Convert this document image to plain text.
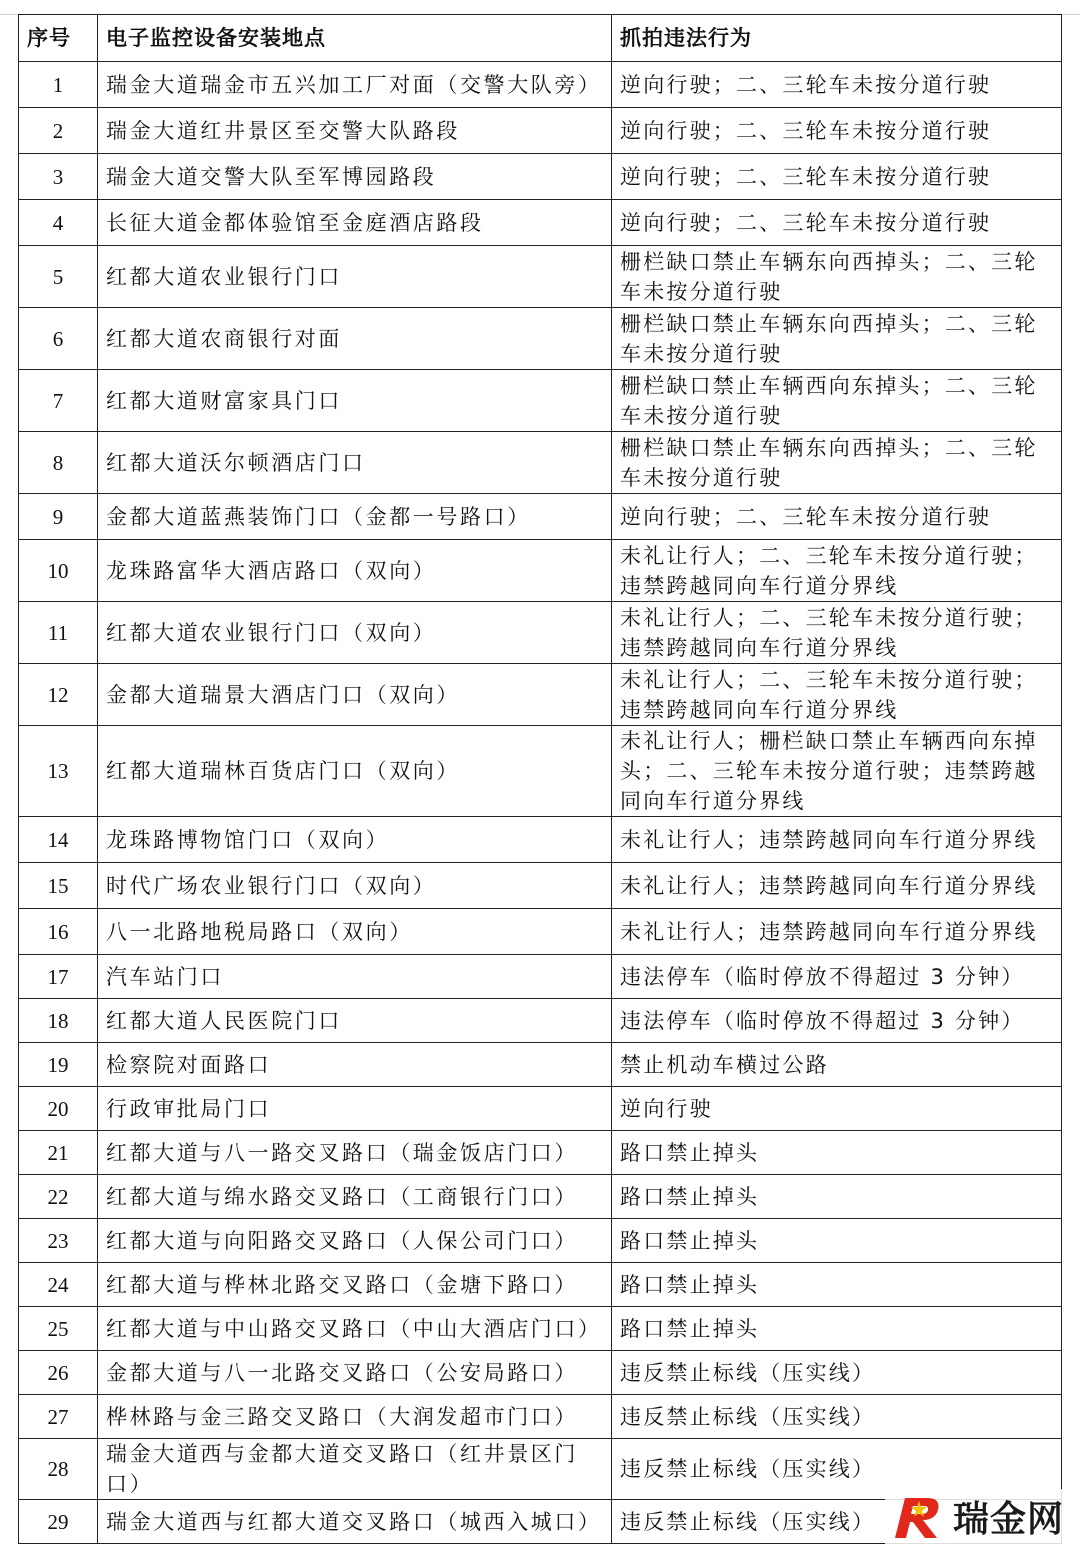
序号	电子监控设备安装地点	抓拍违法行为
1	瑞金大道瑞金市五兴加工厂对面（交警大队旁）	逆向行驶；二、三轮车未按分道行驶
2	瑞金大道红井景区至交警大队路段	逆向行驶；二、三轮车未按分道行驶
3	瑞金大道交警大队至军博园路段	逆向行驶；二、三轮车未按分道行驶
4	长征大道金都体验馆至金庭酒店路段	逆向行驶；二、三轮车未按分道行驶
5	红都大道农业银行门口	栅栏缺口禁止车辆东向西掉头；二、三轮车未按分道行驶
6	红都大道农商银行对面	栅栏缺口禁止车辆东向西掉头；二、三轮车未按分道行驶
7	红都大道财富家具门口	栅栏缺口禁止车辆西向东掉头；二、三轮车未按分道行驶
8	红都大道沃尔顿酒店门口	栅栏缺口禁止车辆东向西掉头；二、三轮车未按分道行驶
9	金都大道蓝燕装饰门口（金都一号路口）	逆向行驶；二、三轮车未按分道行驶
10	龙珠路富华大酒店路口（双向）	未礼让行人；二、三轮车未按分道行驶；违禁跨越同向车行道分界线
11	红都大道农业银行门口（双向）	未礼让行人；二、三轮车未按分道行驶；违禁跨越同向车行道分界线
12	金都大道瑞景大酒店门口（双向）	未礼让行人；二、三轮车未按分道行驶；违禁跨越同向车行道分界线
13	红都大道瑞林百货店门口（双向）	未礼让行人；栅栏缺口禁止车辆西向东掉头；二、三轮车未按分道行驶；违禁跨越同向车行道分界线
14	龙珠路博物馆门口（双向）	未礼让行人；违禁跨越同向车行道分界线
15	时代广场农业银行门口（双向）	未礼让行人；违禁跨越同向车行道分界线
16	八一北路地税局路口（双向）	未礼让行人；违禁跨越同向车行道分界线
17	汽车站门口	违法停车（临时停放不得超过 3 分钟）
18	红都大道人民医院门口	违法停车（临时停放不得超过 3 分钟）
19	检察院对面路口	禁止机动车横过公路
20	行政审批局门口	逆向行驶
21	红都大道与八一路交叉路口（瑞金饭店门口）	路口禁止掉头
22	红都大道与绵水路交叉路口（工商银行门口）	路口禁止掉头
23	红都大道与向阳路交叉路口（人保公司门口）	路口禁止掉头
24	红都大道与桦林北路交叉路口（金塘下路口）	路口禁止掉头
25	红都大道与中山路交叉路口（中山大酒店门口）	路口禁止掉头
26	金都大道与八一北路交叉路口（公安局路口）	违反禁止标线（压实线）
27	桦林路与金三路交叉路口（大润发超市门口）	违反禁止标线（压实线）
28	瑞金大道西与金都大道交叉路口（红井景区门口）	违反禁止标线（压实线）
29	瑞金大道西与红都大道交叉路口（城西入城口）	违反禁止标线（压实线） 瑞金网
